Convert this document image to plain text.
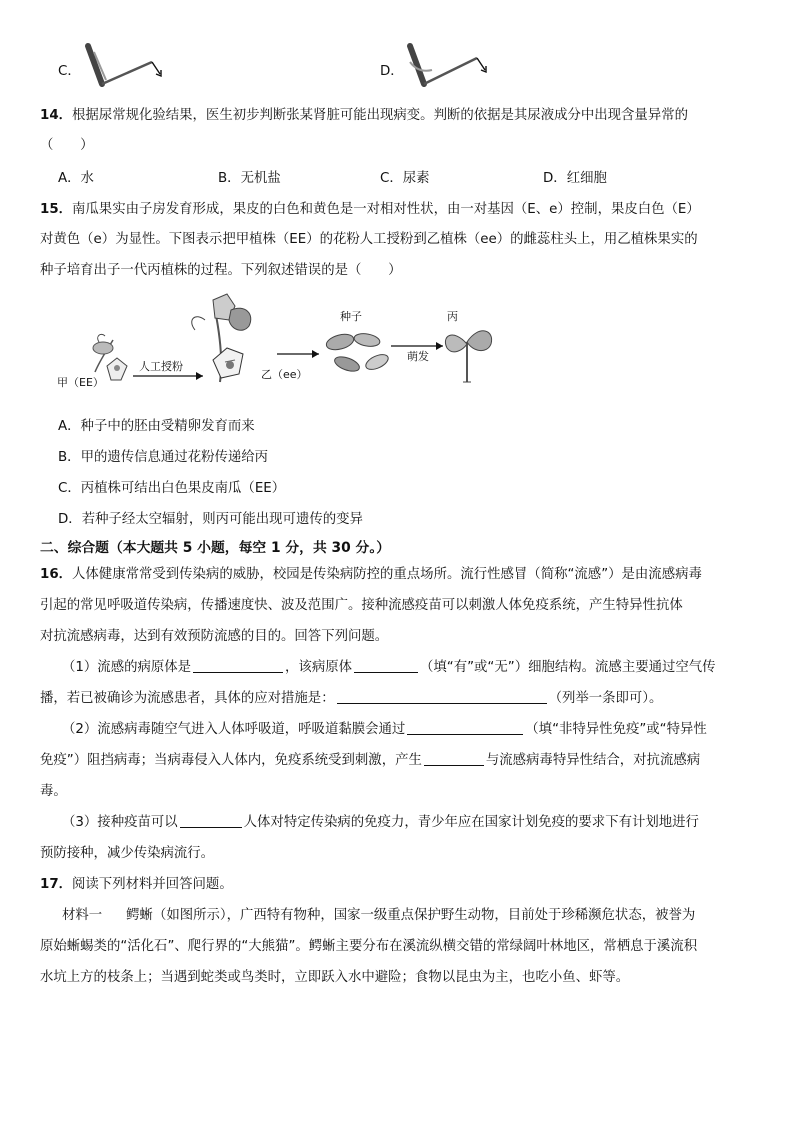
C．	D．
14．根据尿常规化验结果，医生初步判断张某肾脏可能出现病变。判断的依据是其尿液成分中出现含量异常的
（　　）
A．水	B．无机盐	C．尿素	D．红细胞
15．南瓜果实由子房发育形成，果皮的白色和黄色是一对相对性状，由一对基因（E、e）控制，果皮白色（E）
对黄色（e）为显性。下图表示把甲植株（EE）的花粉人工授粉到乙植株（ee）的雌蕊柱头上，用乙植株果实的
种子培育出子一代丙植株的过程。下列叙述错误的是（　　）
甲（EE）
人工授粉
乙（ee）
种子
萌发
丙
A．种子中的胚由受精卵发育而来
B．甲的遗传信息通过花粉传递给丙
C．丙植株可结出白色果皮南瓜（EE）
D．若种子经太空辐射，则丙可能出现可遗传的变异
二、综合题（本大题共 5 小题，每空 1 分，共 30 分。）
16．人体健康常常受到传染病的威胁，校园是传染病防控的重点场所。流行性感冒（简称“流感”）是由流感病毒
引起的常见呼吸道传染病，传播速度快、波及范围广。接种流感疫苗可以刺激人体免疫系统，产生特异性抗体
对抗流感病毒，达到有效预防流感的目的。回答下列问题。
（1）流感的病原体是	，该病原体	（填“有”或“无”）细胞结构。流感主要通过空气传
播，若已被确诊为流感患者，具体的应对措施是：	（列举一条即可）。
（2）流感病毒随空气进入人体呼吸道，呼吸道黏膜会通过	（填“非特异性免疫”或“特异性
免疫”）阻挡病毒；当病毒侵入人体内，免疫系统受到刺激，产生	与流感病毒特异性结合，对抗流感病
毒。
（3）接种疫苗可以	人体对特定传染病的免疫力，青少年应在国家计划免疫的要求下有计划地进行
预防接种，减少传染病流行。
17．阅读下列材料并回答问题。
材料一 鳄蜥（如图所示），广西特有物种，国家一级重点保护野生动物，目前处于珍稀濒危状态，被誉为
原始蜥蜴类的“活化石”、爬行界的“大熊猫”。鳄蜥主要分布在溪流纵横交错的常绿阔叶林地区，常栖息于溪流积
水坑上方的枝条上；当遇到蛇类或鸟类时，立即跃入水中避险；食物以昆虫为主，也吃小鱼、虾等。
